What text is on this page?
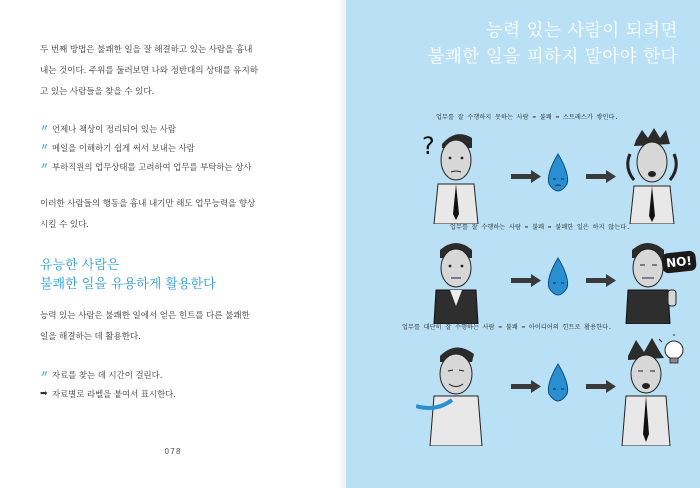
두 번째 방법은 불쾌한 일을 잘 해결하고 있는 사람을 흉내

내는 것이다. 주위를 둘러보면 나와 정반대의 상태를 유지하

고 있는 사람들을 찾을 수 있다.

〃 언제나 책상이 정리되어 있는 사람
〃 메일을 이해하기 쉽게 써서 보내는 사람
〃 부하직원의 업무상태를 고려하여 업무를 부탁하는 상사

이러한 사람들의 행동을 흉내 내기만 해도 업무능력을 향상

시킬 수 있다.

유능한 사람은
불쾌한 일을 유용하게 활용한다

능력 있는 사람은 불쾌한 일에서 얻은 힌트를 다른 불쾌한

일을 해결하는 데 활용한다.

〃 자료를 찾는 데 시간이 걸린다.
➡ 자료별로 라벨을 붙여서 표시한다.
078
능력 있는 사람이 되려면
불쾌한 일을 피하지 말아야 한다
업무를 잘 수행하지 못하는 사람 ➡ 불쾌 ➡ 스트레스가 쌓인다.
?
업무를 잘 수행하는 사람 ➡ 불쾌 ➡ 불쾌한 일은 하지 않는다.
NO!
업무를 대단히 잘 수행하는 사람 ➡ 불쾌 ➡ 아이디어의 힌트로 활용한다.
